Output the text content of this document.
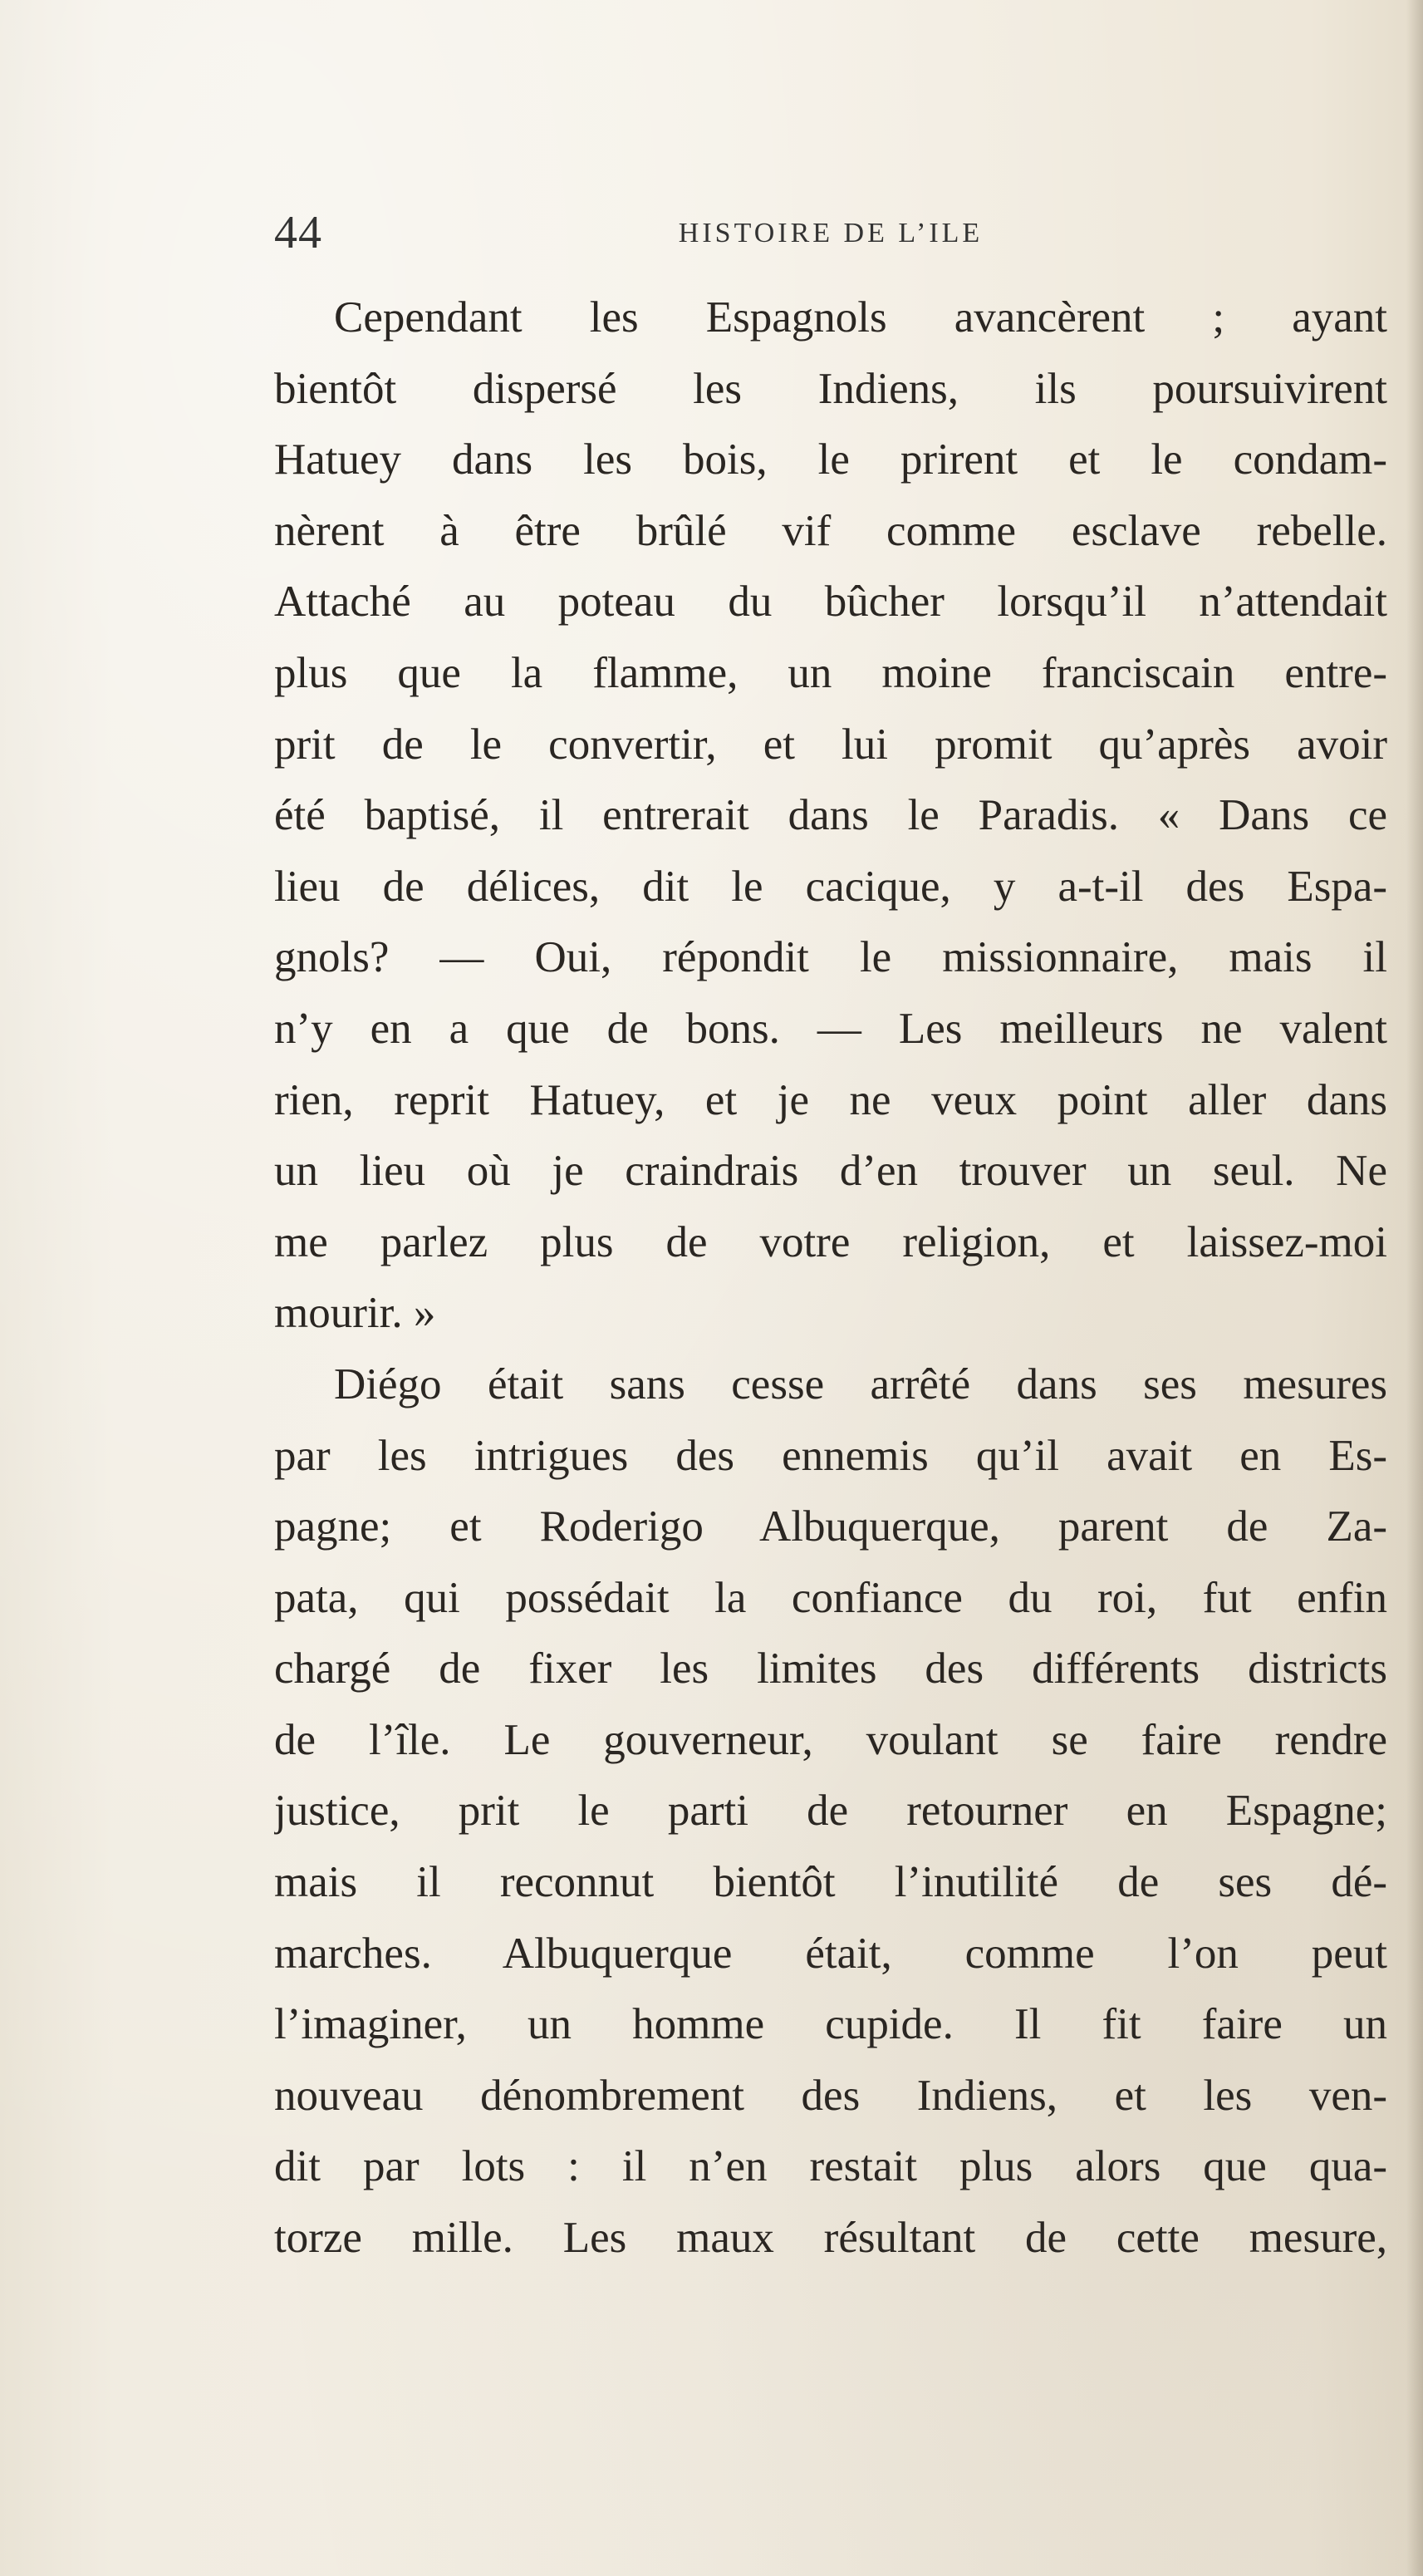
44	HISTOIRE DE L’ILE
Cependant les Espagnols avancèrent ; ayant
bientôt dispersé les Indiens, ils poursuivirent
Hatuey dans les bois, le prirent et le condam-
nèrent à être brûlé vif comme esclave rebelle.
Attaché au poteau du bûcher lorsqu’il n’attendait
plus que la flamme, un moine franciscain entre-
prit de le convertir, et lui promit qu’après avoir
été baptisé, il entrerait dans le Paradis. « Dans ce
lieu de délices, dit le cacique, y a-t-il des Espa-
gnols? — Oui, répondit le missionnaire, mais il
n’y en a que de bons. — Les meilleurs ne valent
rien, reprit Hatuey, et je ne veux point aller dans
un lieu où je craindrais d’en trouver un seul. Ne
me parlez plus de votre religion, et laissez-moi
mourir. »
Diégo était sans cesse arrêté dans ses mesures
par les intrigues des ennemis qu’il avait en Es-
pagne; et Roderigo Albuquerque, parent de Za-
pata, qui possédait la confiance du roi, fut enfin
chargé de fixer les limites des différents districts
de l’île. Le gouverneur, voulant se faire rendre
justice, prit le parti de retourner en Espagne;
mais il reconnut bientôt l’inutilité de ses dé-
marches. Albuquerque était, comme l’on peut
l’imaginer, un homme cupide. Il fit faire un
nouveau dénombrement des Indiens, et les ven-
dit par lots : il n’en restait plus alors que qua-
torze mille. Les maux résultant de cette mesure,
